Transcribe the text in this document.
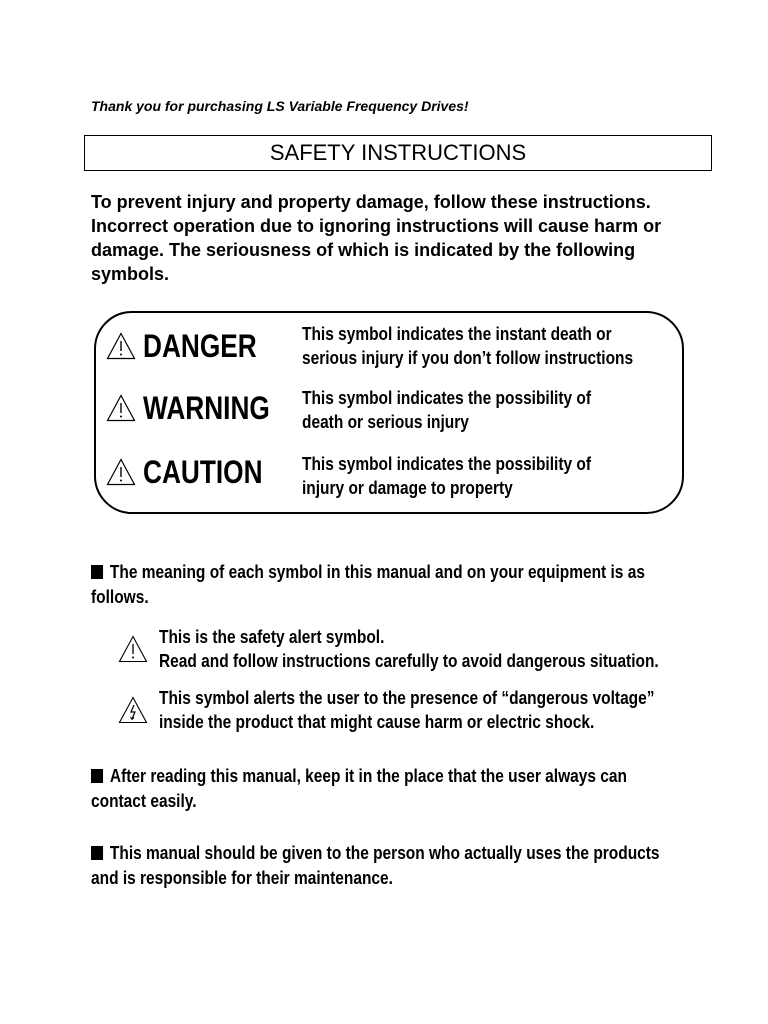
Thank you for purchasing LS Variable Frequency Drives!
SAFETY INSTRUCTIONS
To prevent injury and property damage, follow these instructions. Incorrect operation due to ignoring instructions will cause harm or damage. The seriousness of which is indicated by the following symbols.
DANGER	This symbol indicates the instant death or
serious injury if you don’t follow instructions
WARNING This symbol indicates the possibility of
death or serious injury
CAUTION This symbol indicates the possibility of
injury or damage to property
The meaning of each symbol in this manual and on your equipment is as
follows.
This is the safety alert symbol.
Read and follow instructions carefully to avoid dangerous situation.
This symbol alerts the user to the presence of “dangerous voltage”
inside the product that might cause harm or electric shock.
After reading this manual, keep it in the place that the user always can
contact easily.
This manual should be given to the person who actually uses the products
and is responsible for their maintenance.
